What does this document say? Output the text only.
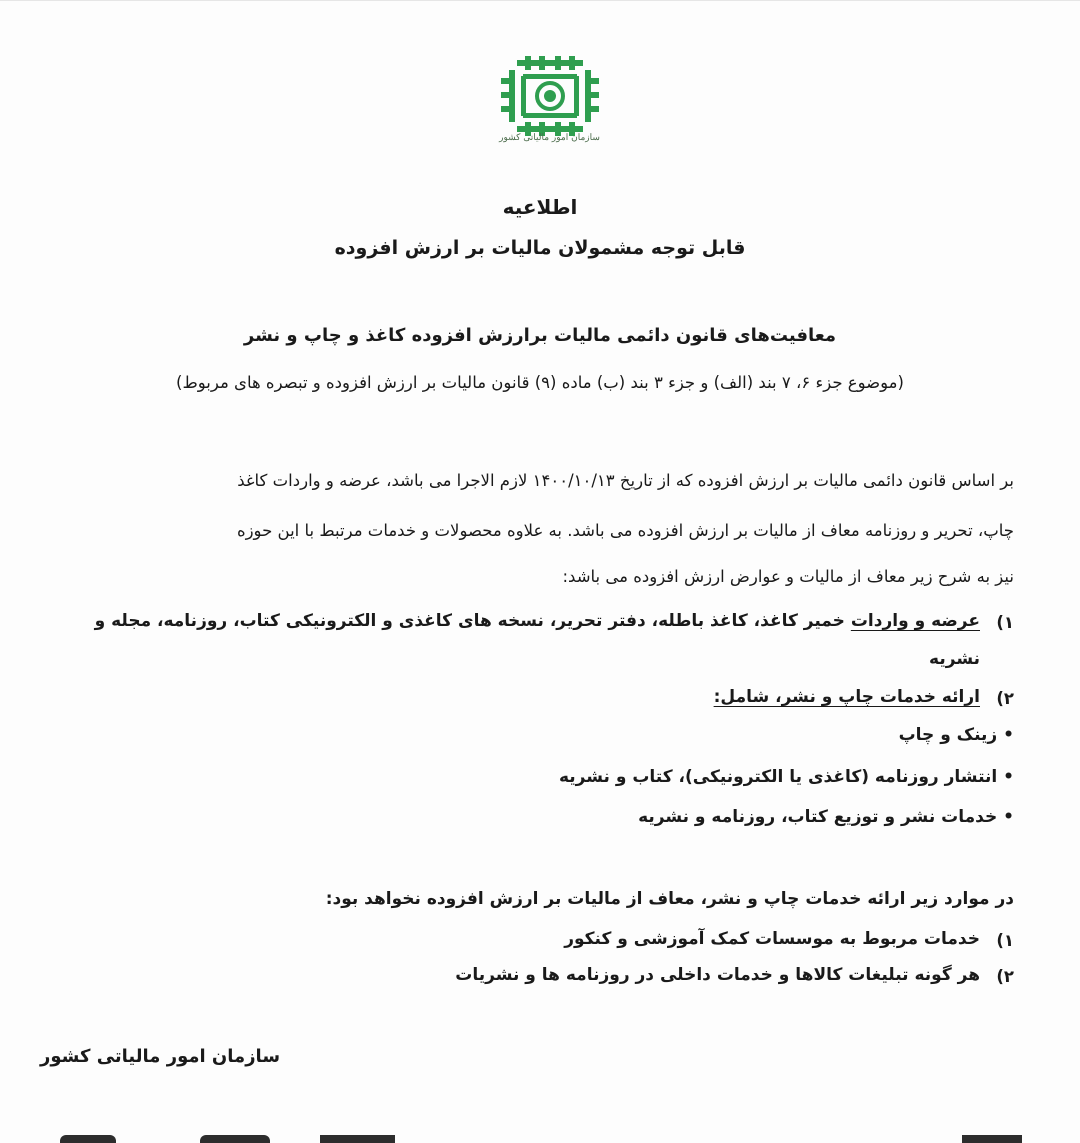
سازمان امور مالیاتی کشور
اطلاعیه
قابل توجه مشمولان مالیات بر ارزش افزوده
معافیت‌های قانون دائمی مالیات برارزش افزوده کاغذ و چاپ و نشر
(موضوع جزء ۶، ۷ بند (الف) و جزء ۳ بند (ب) ماده (۹) قانون مالیات بر ارزش افزوده و تبصره های مربوط)
بر اساس قانون دائمی مالیات بر ارزش افزوده که از تاریخ ۱۴۰۰/۱۰/۱۳ لازم الاجرا می باشد، عرضه و واردات کاغذ
چاپ، تحریر و روزنامه معاف از مالیات بر ارزش افزوده می باشد. به علاوه محصولات و خدمات مرتبط با این حوزه
نیز به شرح زیر معاف از مالیات و عوارض ارزش افزوده می باشد:
۱)
عرضه و واردات خمیر کاغذ، کاغذ باطله، دفتر تحریر، نسخه های کاغذی و الکترونیکی کتاب، روزنامه، مجله و
نشریه
۲)
ارائه خدمات چاپ و نشر، شامل:
• زینک و چاپ
• انتشار روزنامه (کاغذی یا الکترونیکی)، کتاب و نشریه
• خدمات نشر و توزیع کتاب، روزنامه و نشریه
در موارد زیر ارائه خدمات چاپ و نشر، معاف از مالیات بر ارزش افزوده نخواهد بود:
۱)
خدمات مربوط به موسسات کمک آموزشی و کنکور
۲)
هر گونه تبلیغات کالاها و خدمات داخلی در روزنامه ها و نشریات
سازمان امور مالیاتی کشور
